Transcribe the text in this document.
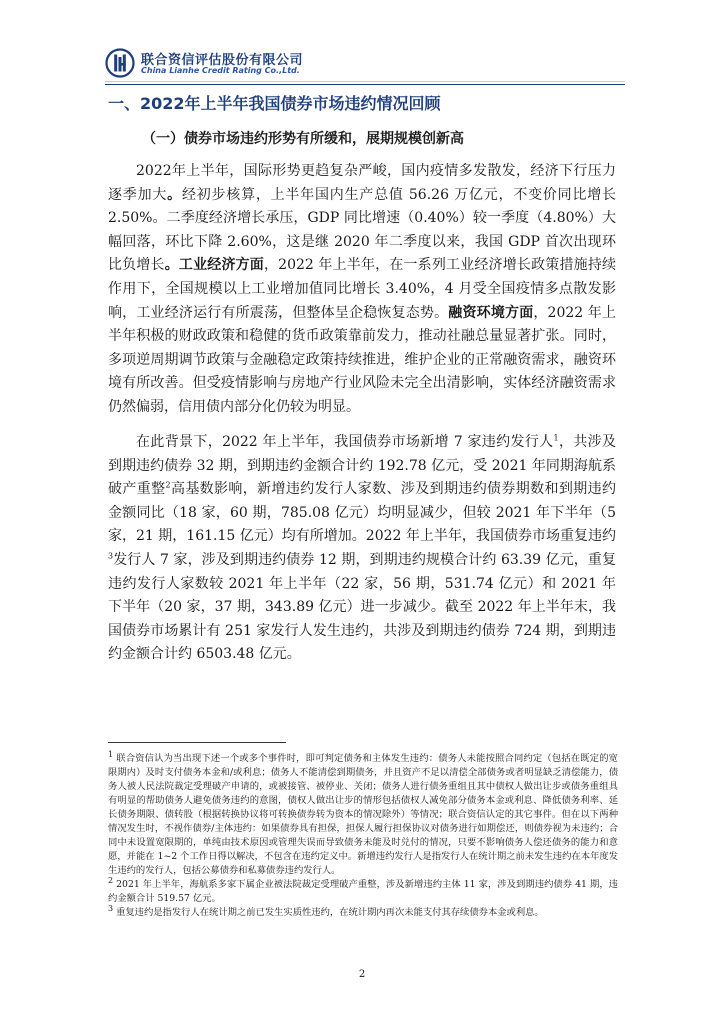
联合资信评估股份有限公司
China Lianhe Credit Rating Co.,Ltd.
一、2022年上半年我国债券市场违约情况回顾
（一）债券市场违约形势有所缓和，展期规模创新高

2022年上半年，国际形势更趋复杂严峻，国内疫情多发散发，经济下行压力逐季加大。经初步核算，上半年国内生产总值 56.26 万亿元，不变价同比增长 2.50%。二季度经济增长承压，GDP 同比增速（0.40%）较一季度（4.80%）大幅回落，环比下降 2.60%，这是继 2020 年二季度以来，我国 GDP 首次出现环比负增长。工业经济方面，2022 年上半年，在一系列工业经济增长政策措施持续作用下，全国规模以上工业增加值同比增长 3.40%，4 月受全国疫情多点散发影响，工业经济运行有所震荡，但整体呈企稳恢复态势。融资环境方面，2022 年上半年积极的财政政策和稳健的货币政策靠前发力，推动社融总量显著扩张。同时，多项逆周期调节政策与金融稳定政策持续推进，维护企业的正常融资需求，融资环境有所改善。但受疫情影响与房地产行业风险未完全出清影响，实体经济融资需求仍然偏弱，信用债内部分化仍较为明显。

在此背景下，2022 年上半年，我国债券市场新增 7 家违约发行人$^1$，共涉及到期违约债券 32 期，到期违约金额合计约 192.78 亿元，受 2021 年同期海航系破产重整$^2$高基数影响，新增违约发行人家数、涉及到期违约债券期数和到期违约金额同比（18 家，60 期，785.08 亿元）均明显减少，但较 2021 年下半年（5 家，21 期，161.15 亿元）均有所增加。2022 年上半年，我国债券市场重复违约$^3$发行人 7 家，涉及到期违约债券 12 期，到期违约规模合计约 63.39 亿元，重复违约发行人家数较 2021 年上半年（22 家，56 期，531.74 亿元）和 2021 年下半年（20 家，37 期，343.89 亿元）进一步减少。截至 2022 年上半年末，我国债券市场累计有 251 家发行人发生违约，共涉及到期违约债券 724 期，到期违约金额合计约 6503.48 亿元。

$^1$ 联合资信认为当出现下述一个或多个事件时，即可判定债务和主体发生违约：债务人未能按照合同约定（包括在既定的宽限期内）及时支付债务本金和/或利息；债务人不能清偿到期债务，并且资产不足以清偿全部债务或者明显缺乏清偿能力，债务人被人民法院裁定受理破产申请的，或被接管、被停业、关闭；债务人进行债务重组且其中债权人做出让步或债务重组具有明显的帮助债务人避免债务违约的意图，债权人做出让步的情形包括债权人减免部分债务本金或利息、降低债务利率、延长债务期限、债转股（根据转换协议将可转换债券转为资本的情况除外）等情况；联合资信认定的其它事件。但在以下两种情况发生时，不视作债券/主体违约：如果债券具有担保，担保人履行担保协议对债务进行如期偿还，则债券视为未违约；合同中未设置宽限期的，单纯由技术原因或管理失误而导致债务未能及时兑付的情况，只要不影响债务人偿还债务的能力和意愿，并能在 1~2 个工作日得以解决，不包含在违约定义中。新增违约发行人是指发行人在统计期之前未发生违约在本年度发生违约的发行人，包括公募债券和私募债券违约发行人。

$^2$ 2021 年上半年，海航系多家下属企业被法院裁定受理破产重整，涉及新增违约主体 11 家，涉及到期违约债券 41 期，违约金额合计 519.57 亿元。

$^3$ 重复违约是指发行人在统计期之前已发生实质性违约，在统计期内再次未能支付其存续债券本金或利息。

2
